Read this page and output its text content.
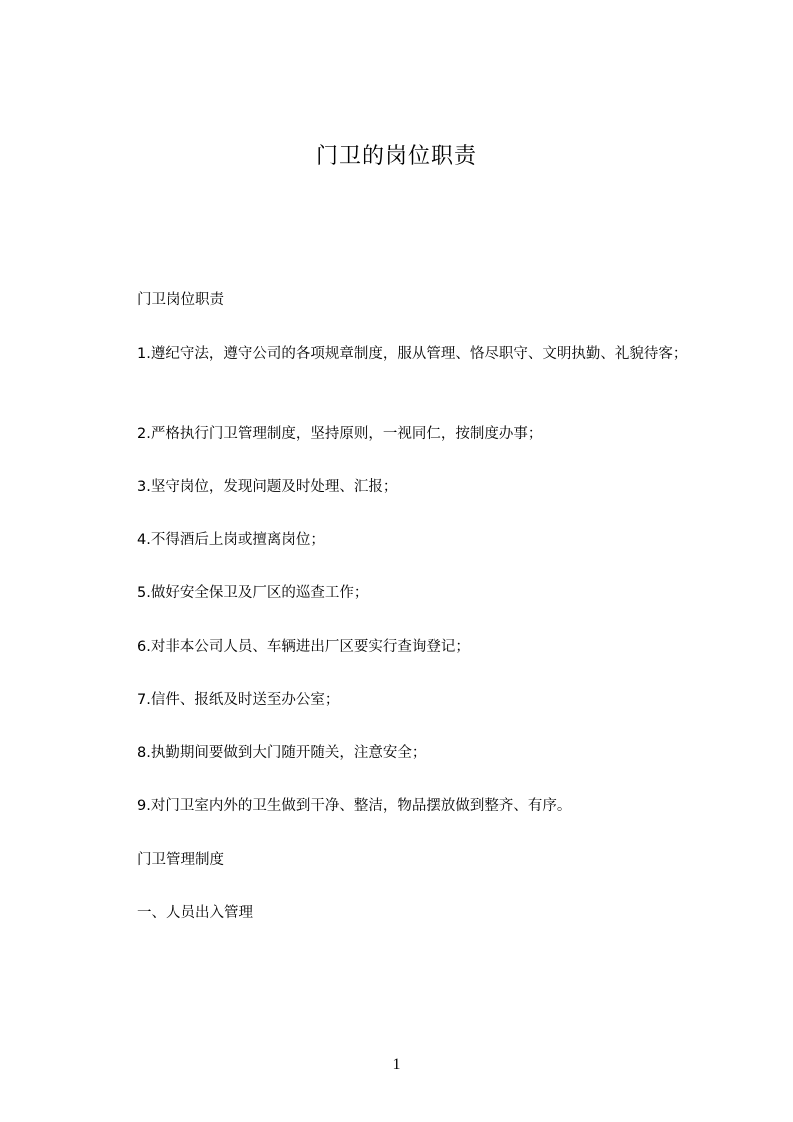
门卫的岗位职责
门卫岗位职责
1.遵纪守法，遵守公司的各项规章制度，服从管理、恪尽职守、文明执勤、礼貌待客；
2.严格执行门卫管理制度，坚持原则，一视同仁，按制度办事；
3.坚守岗位，发现问题及时处理、汇报；
4.不得酒后上岗或擅离岗位；
5.做好安全保卫及厂区的巡查工作；
6.对非本公司人员、车辆进出厂区要实行查询登记；
7.信件、报纸及时送至办公室；
8.执勤期间要做到大门随开随关，注意安全；
9.对门卫室内外的卫生做到干净、整洁，物品摆放做到整齐、有序。
门卫管理制度
一、人员出入管理
1
